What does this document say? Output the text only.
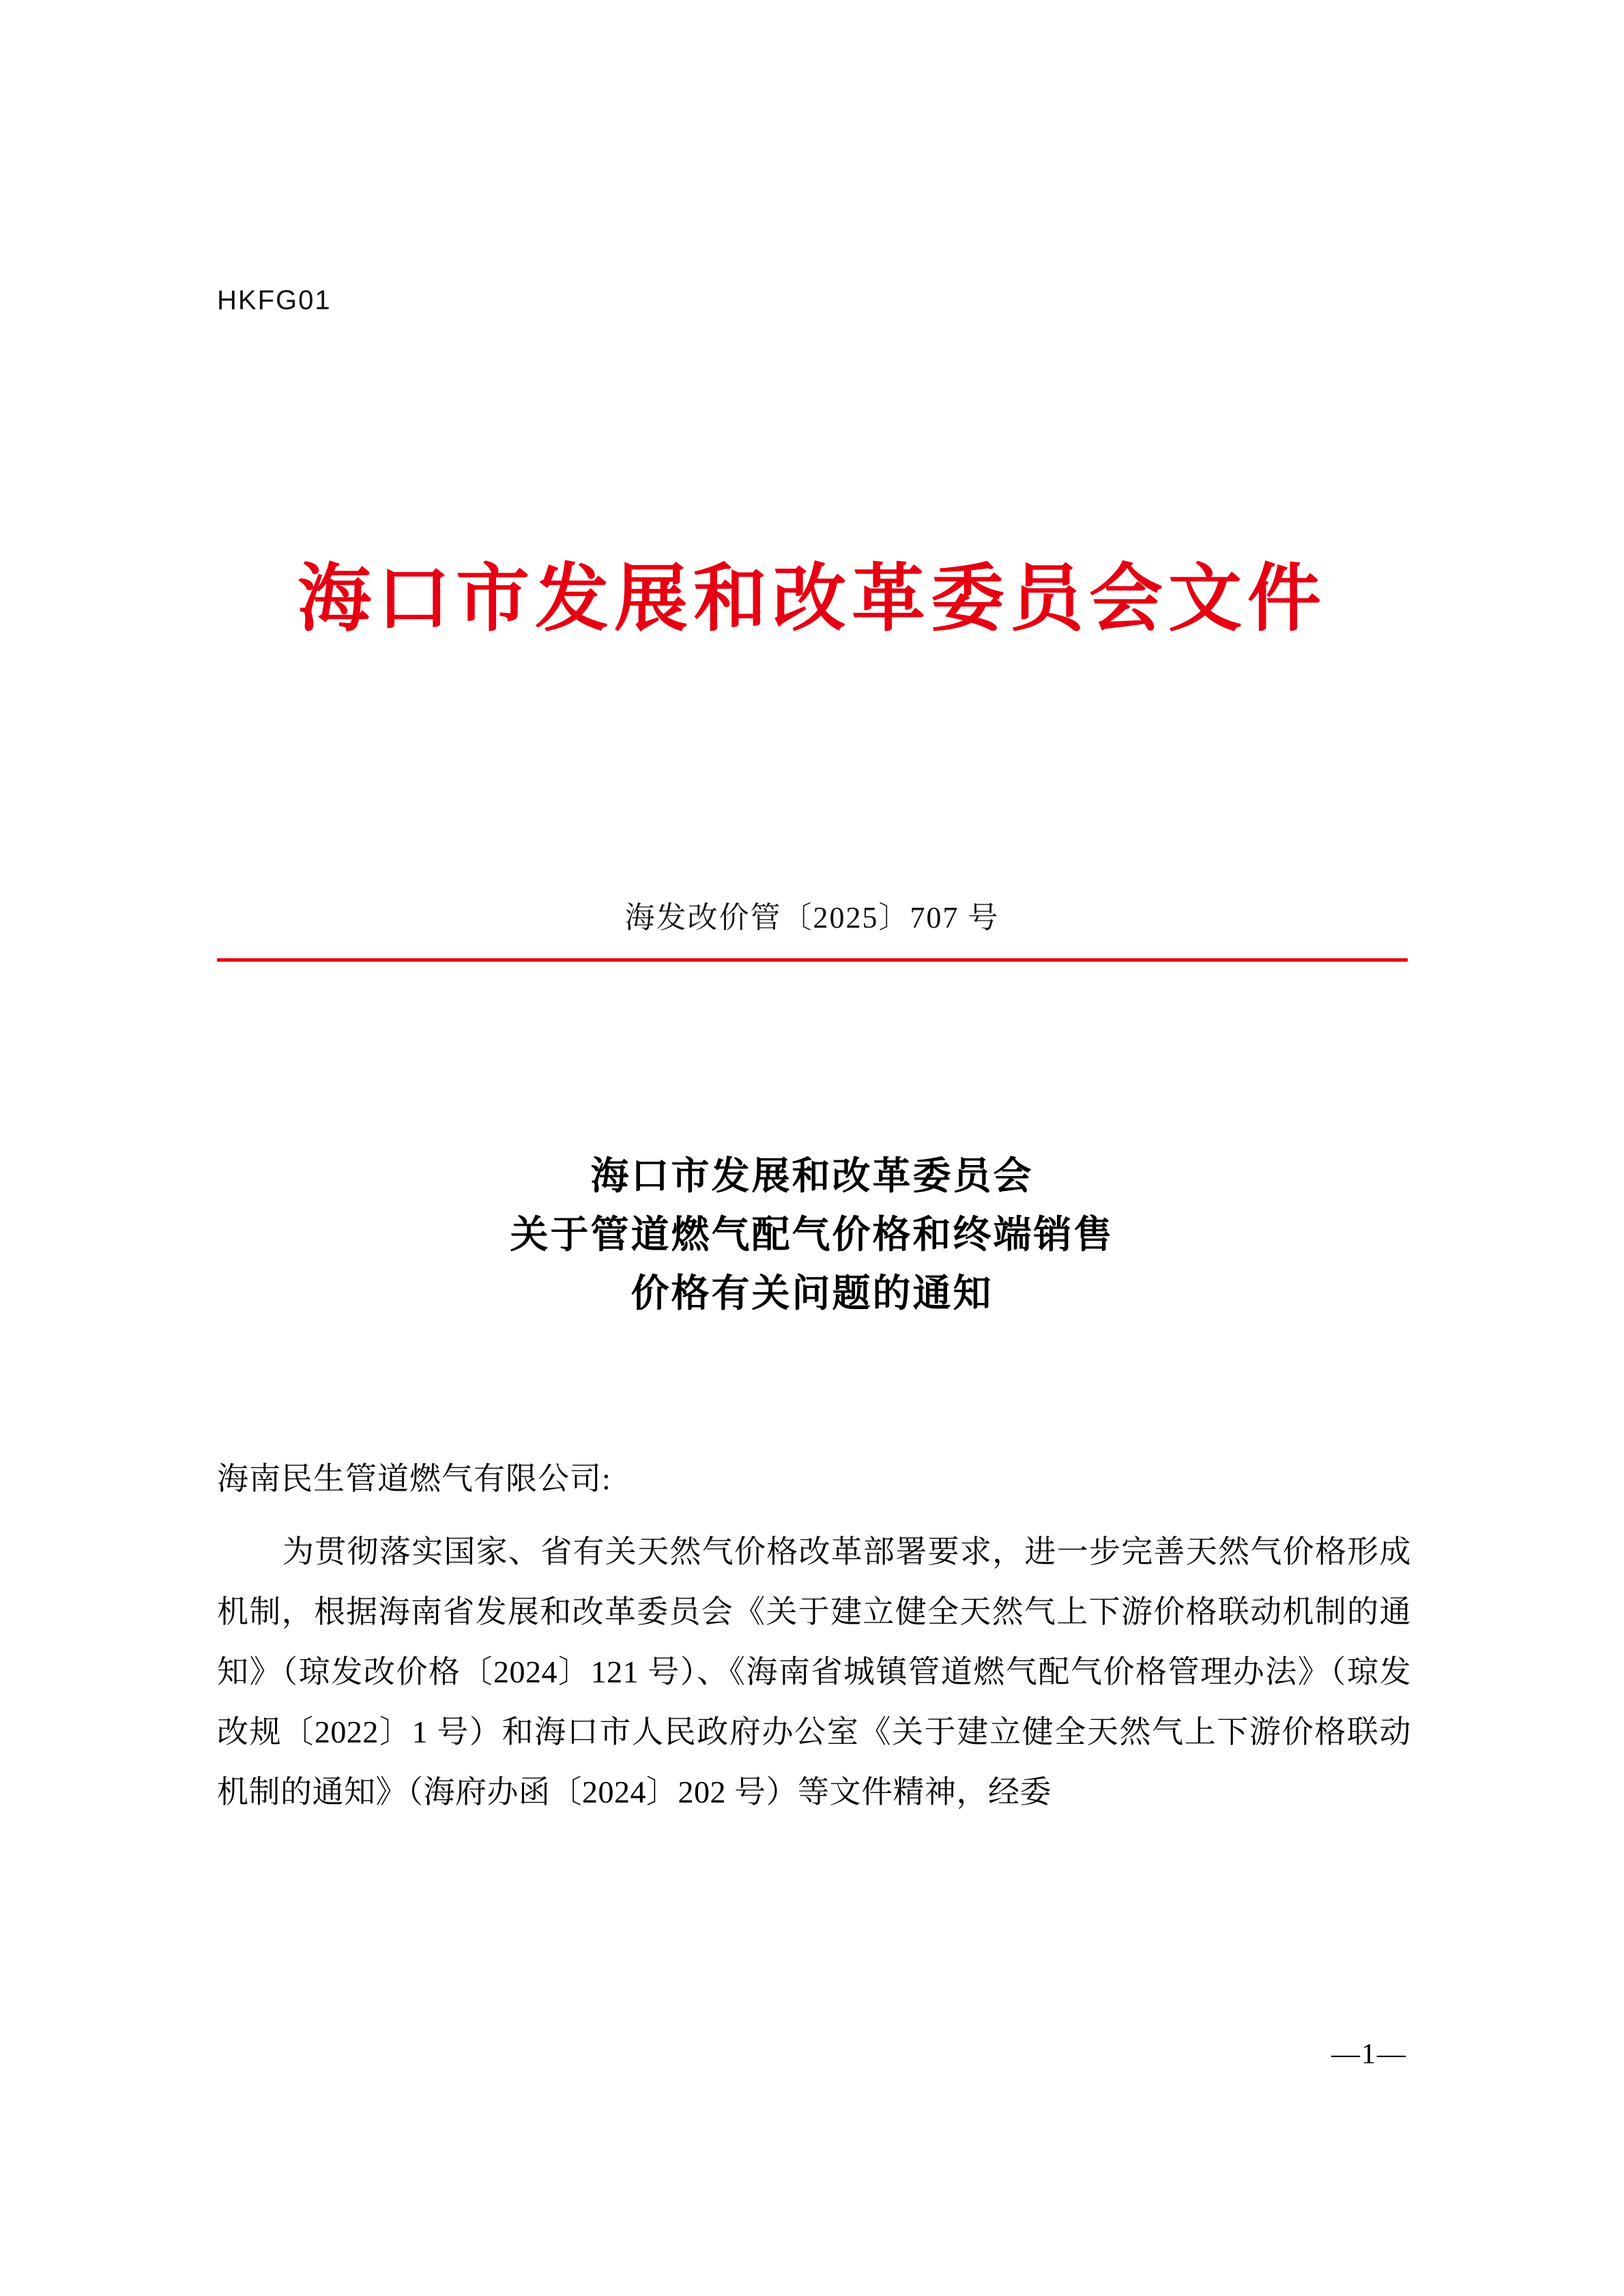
HKFG01
海口市发展和改革委员会文件
海发改价管〔2025〕707 号
海口市发展和改革委员会
关于管道燃气配气价格和终端销售
价格有关问题的通知
海南民生管道燃气有限公司:

为贯彻落实国家、省有关天然气价格改革部署要求，进一步完善天然气价格形成机制，根据海南省发展和改革委员会《关于建立健全天然气上下游价格联动机制的通知》（琼发改价格〔2024〕121 号）、《海南省城镇管道燃气配气价格管理办法》（琼发改规〔2022〕1 号）和海口市人民政府办公室《关于建立健全天然气上下游价格联动机制的通知》（海府办函〔2024〕202 号）等文件精神，经委

—1—
